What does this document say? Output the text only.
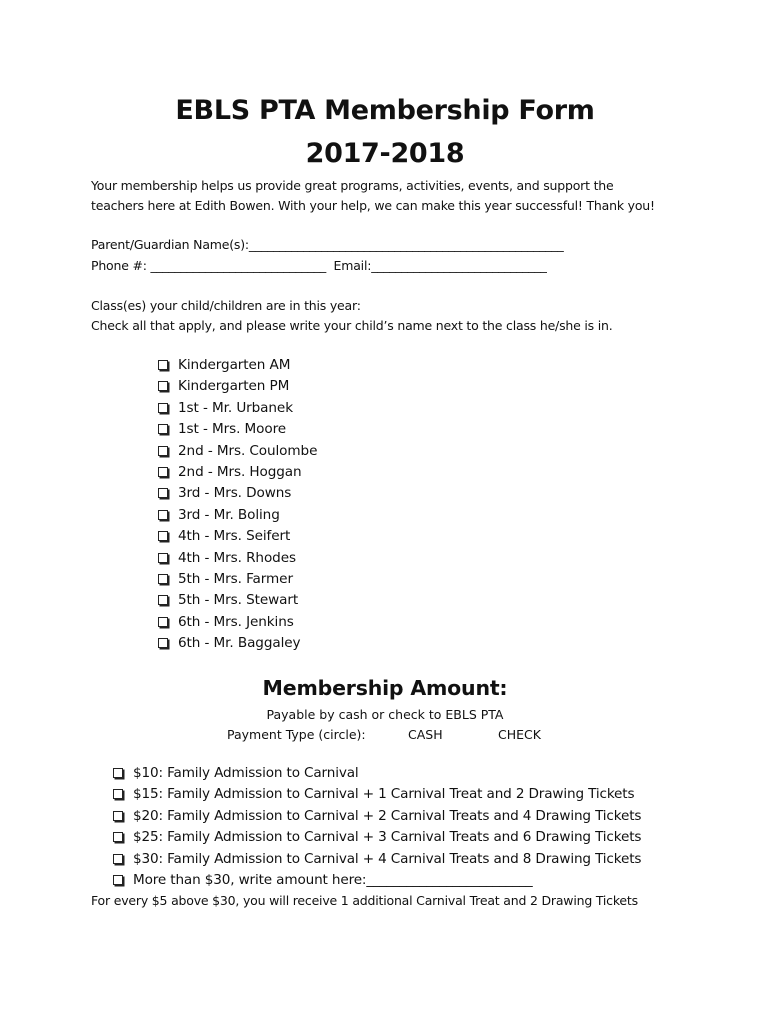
EBLS PTA Membership Form
2017-2018
Your membership helps us provide great programs, activities, events, and support the
teachers here at Edith Bowen. With your help, we can make this year successful! Thank you!
Parent/Guardian Name(s):____________________________________________________
Phone #: _____________________________  Email:_____________________________
Class(es) your child/children are in this year:
Check all that apply, and please write your child’s name next to the class he/she is in.
Kindergarten AM
Kindergarten PM
1st - Mr. Urbanek
1st - Mrs. Moore
2nd - Mrs. Coulombe
2nd - Mrs. Hoggan
3rd - Mrs. Downs
3rd - Mr. Boling
4th - Mrs. Seifert
4th - Mrs. Rhodes
5th - Mrs. Farmer
5th - Mrs. Stewart
6th - Mrs. Jenkins
6th - Mr. Baggaley
Membership Amount:
Payable by cash or check to EBLS PTA
Payment Type (circle):	CASH	CHECK
$10: Family Admission to Carnival
$15: Family Admission to Carnival + 1 Carnival Treat and 2 Drawing Tickets
$20: Family Admission to Carnival + 2 Carnival Treats and 4 Drawing Tickets
$25: Family Admission to Carnival + 3 Carnival Treats and 6 Drawing Tickets
$30: Family Admission to Carnival + 4 Carnival Treats and 8 Drawing Tickets
More than $30, write amount here:_________________________
For every $5 above $30, you will receive 1 additional Carnival Treat and 2 Drawing Tickets
